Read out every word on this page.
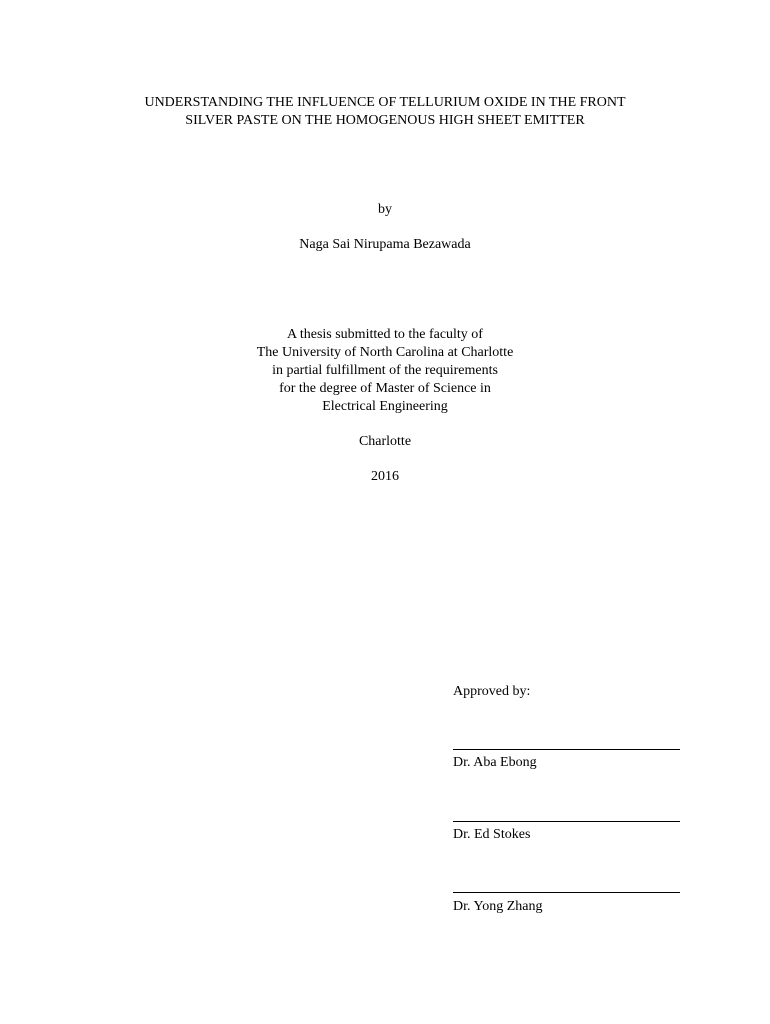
UNDERSTANDING THE INFLUENCE OF TELLURIUM OXIDE IN THE FRONT
SILVER PASTE ON THE HOMOGENOUS HIGH SHEET EMITTER
by
Naga Sai Nirupama Bezawada
A thesis submitted to the faculty of
The University of North Carolina at Charlotte
in partial fulfillment of the requirements
for the degree of Master of Science in
Electrical Engineering
Charlotte
2016
Approved by:
Dr. Aba Ebong
Dr. Ed Stokes
Dr. Yong Zhang
